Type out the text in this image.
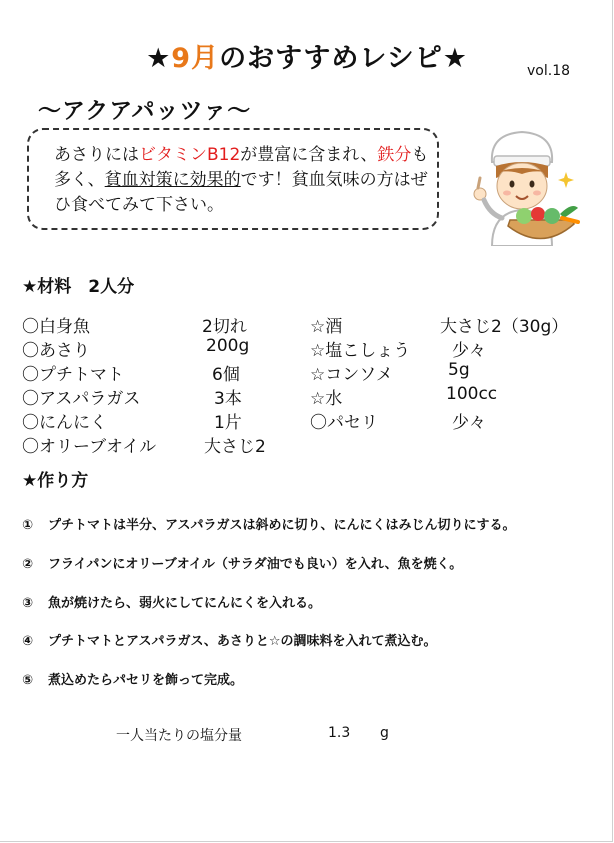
★9月のおすすめレシピ★	vol.18
～アクアパッツァ～
あさりにはビタミンB12が豊富に含まれ、鉄分も多く、貧血対策に効果的です！貧血気味の方はぜひ食べてみて下さい。
★材料　2人分
〇白身魚	2切れ
〇あさり	200g
〇プチトマト	6個
〇アスパラガス	3本
〇にんにく	1片
〇オリーブオイル	大さじ2
☆酒	大さじ2（30g）
☆塩こしょう 少々
☆コンソメ	5g
☆水	100cc
〇パセリ	少々
★作り方
① プチトマトは半分、アスパラガスは斜めに切り、にんにくはみじん切りにする。
② フライパンにオリーブオイル（サラダ油でも良い）を入れ、魚を焼く。
③ 魚が焼けたら、弱火にしてにんにくを入れる。
④ プチトマトとアスパラガス、あさりと☆の調味料を入れて煮込む。
⑤ 煮込めたらパセリを飾って完成。
一人当たりの塩分量	1.3 g
